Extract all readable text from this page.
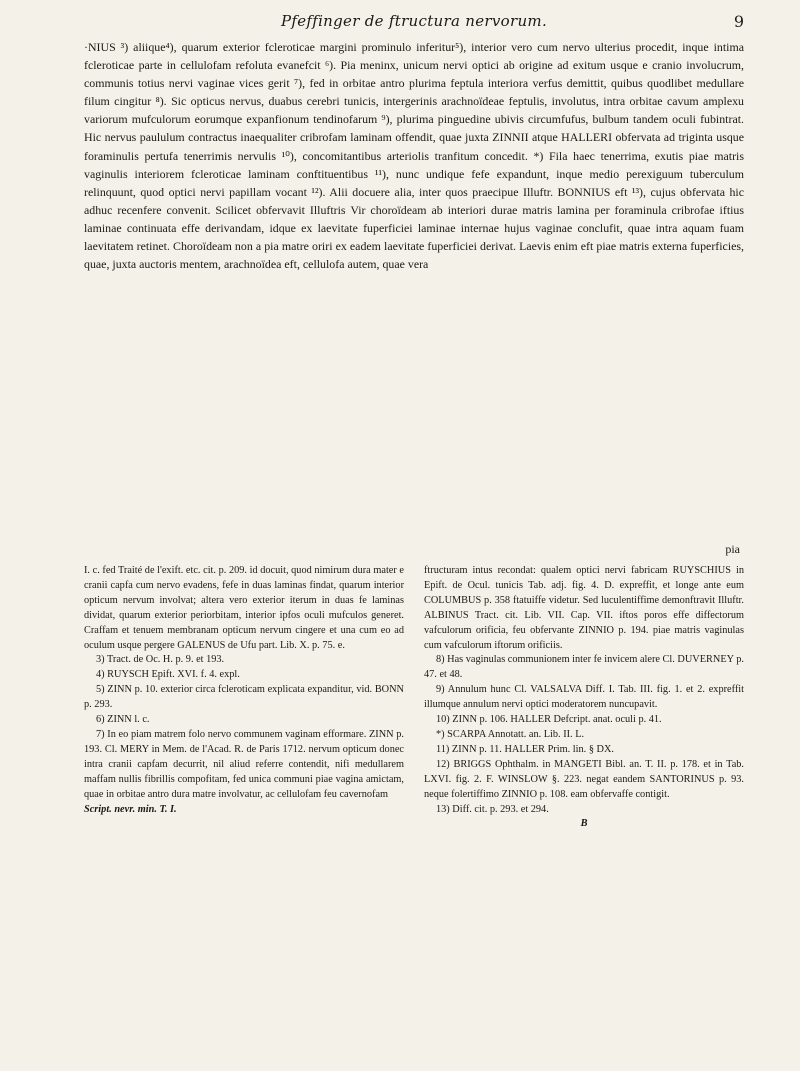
Pfeffinger de ftructura nervorum.	9

·NIUS ³) aliique⁴), quarum exterior fcleroticae margini prominulo inferitur⁵), interior vero cum nervo ulterius procedit, inque intima fcleroticae parte in cellulofam refoluta evanefcit ⁶). Pia meninx, unicum nervi optici ab origine ad exitum usque e cranio involucrum, communis totius nervi vaginae vices gerit ⁷), fed in orbitae antro plurima feptula interiora verfus demittit, quibus quodlibet medullare filum cingitur ⁸). Sic opticus nervus, duabus cerebri tunicis, intergerinis arachnoïdeae feptulis, involutus, intra orbitae cavum amplexu variorum mufculorum eorumque expanfionum tendinofarum ⁹), plurima pinguedine ubivis circumfufus, bulbum tandem oculi fubintrat. Hic nervus paululum contractus inaequaliter cribrofam laminam offendit, quae juxta ZINNII atque HALLERI obfervata ad triginta usque foraminulis pertufa tenerrimis nervulis ¹⁰), concomitantibus arteriolis tranfitum concedit. *) Fila haec tenerrima, exutis piae matris vaginulis interiorem fcleroticae laminam conftituentibus ¹¹), nunc undique fefe expandunt, inque medio perexiguum tuberculum relinquunt, quod optici nervi papillam vocant ¹²). Alii docuere alia, inter quos praecipue Illuftr. BONNIUS eft ¹³), cujus obfervata hic adhuc recenfere convenit. Scilicet obfervavit Illuftris Vir choroïdeam ab interiori durae matris lamina per foraminula cribrofae iftius laminae continuata effe derivandam, idque ex laevitate fuperficiei laminae internae hujus vaginae conclufit, quae intra aquam fuam laevitatem retinet. Choroïdeam non a pia matre oriri ex eadem laevitate fuperficiei derivat. Laevis enim eft piae matris externa fuperficies, quae, juxta auctoris mentem, arachnoïdea eft, cellulofa autem, quae vera

pia

I. c. fed Traité de l'exift. etc. cit. p. 209. id docuit, quod nimirum dura mater e cranii capfa cum nervo evadens, fefe in duas laminas findat, quarum interior opticum nervum involvat; altera vero exterior iterum in duas fe laminas dividat, quarum exterior periorbitam, interior ipfos oculi mufculos generet. Craffam et tenuem membranam opticum nervum cingere et una cum eo ad oculum usque pergere GALENUS de Ufu part. Lib. X. p. 75. e.

3) Tract. de Oc. H. p. 9. et 193.

4) RUYSCH Epift. XVI. f. 4. expl.

5) ZINN p. 10. exterior circa fcleroticam explicata expanditur, vid. BONN p. 293.

6) ZINN l. c.

7) In eo piam matrem folo nervo communem vaginam efformare. ZINN p. 193. Cl. MERY in Mem. de l'Acad. R. de Paris 1712. nervum opticum donec intra cranii capfam decurrit, nil aliud referre contendit, nifi medullarem maffam nullis fibrillis compofitam, fed unica communi piae vagina amictam, quae in orbitae antro dura matre involvatur, ac cellulofam feu cavernofam

Script. nevr. min. T. I.

ftructuram intus recondat: qualem optici nervi fabricam RUYSCHIUS in Epift. de Ocul. tunicis Tab. adj. fig. 4. D. expreffit, et longe ante eum COLUMBUS p. 358 ftatuiffe videtur. Sed luculentiffime demonftravit Illuftr. ALBINUS Tract. cit. Lib. VII. Cap. VII. iftos poros effe diffectorum vafculorum orificia, feu obfervante ZINNIO p. 194. piae matris vaginulas cum vafculorum iftorum orificiis.

8) Has vaginulas communionem inter fe invicem alere Cl. DUVERNEY p. 47. et 48.

9) Annulum hunc Cl. VALSALVA Diff. I. Tab. III. fig. 1. et 2. expreffit illumque annulum nervi optici moderatorem nuncupavit.

10) ZINN p. 106. HALLER Defcript. anat. oculi p. 41.

*) SCARPA Annotatt. an. Lib. II. L.

11) ZINN p. 11. HALLER Prim. lin. § DX.

12) BRIGGS Ophthalm. in MANGETI Bibl. an. T. II. p. 178. et in Tab. LXVI. fig. 2. F. WINSLOW §. 223. negat eandem SANTORINUS p. 93. neque folertiffimo ZINNIO p. 108. eam obfervaffe contigit.

13) Diff. cit. p. 293. et 294.

B
